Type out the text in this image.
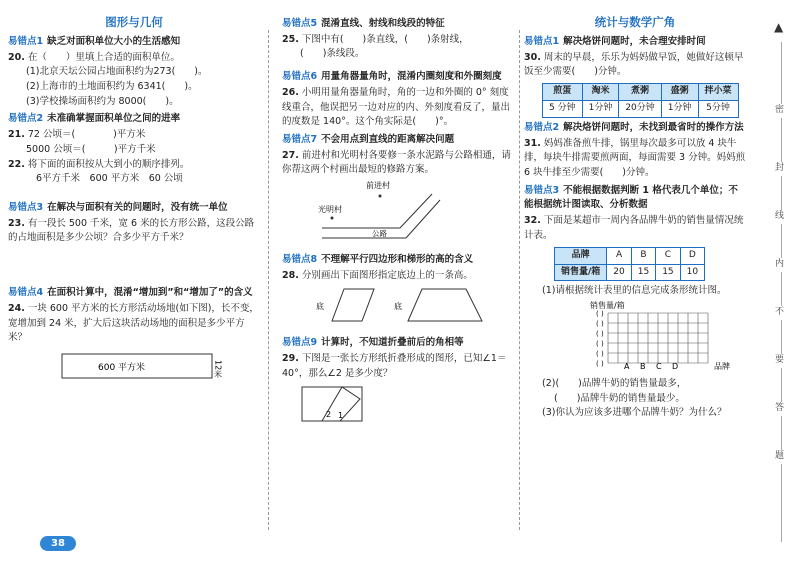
图形与几何
易错点1 缺乏对面积单位大小的生活感知

20. 在（　　）里填上合适的面积单位。

(1)北京天坛公园占地面积约为273(　　)。

(2)上海市的土地面积约为 6341(　　)。

(3)学校操场面积约为 8000(　　)。

易错点2 未准确掌握面积单位之间的进率

21. 72 公顷＝(　　　　)平方米

5000 公顷＝(　　　)平方千米

22. 将下面的面积按从大到小的顺序排列。

6平方千米　600 平方米　60 公顷

易错点3 在解决与面积有关的问题时，没有统一单位

23. 有一段长 500 千米，宽 6 米的长方形公路，这段公路的占地面积是多少公顷？合多少平方千米？

易错点4 在面积计算中，混淆“增加到”和“增加了”的含义

24. 一块 600 平方米的长方形活动场地(如下图)，长不变，宽增加到 24 米，扩大后这块活动场地的面积是多少平方米？

600 平方米	12米
易错点5 混淆直线、射线和线段的特征

25. 下图中有(　　)条直线，(　　)条射线，

(　　)条线段。

易错点6 用量角器量角时，混淆内圈刻度和外圈刻度

26. 小明用量角器量角时，角的一边和外圈的 0° 刻度线重合，他误把另一边对应的内、外刻度看反了，量出的度数是 140°。这个角实际是(　　)°。

易错点7 不会用点到直线的距离解决问题

27. 前进村和光明村各要修一条水泥路与公路相通，请你帮这两个村画出最短的修路方案。

前进村
光明村
公路
易错点8 不理解平行四边形和梯形的高的含义

28. 分别画出下面图形指定底边上的一条高。

底	底
易错点9 计算时，不知道折叠前后的角相等

29. 下图是一张长方形纸折叠形成的图形，已知∠1＝40°，那么∠2 是多少度？

2 1
统计与数学广角
易错点1 解决烙饼问题时，未合理安排时间

30. 周末的早晨，乐乐为妈妈做早饭，她做好这顿早饭至少需要(　　)分钟。

煎蛋	淘米	煮粥	盛粥	拌小菜
5 分钟	1分钟	20分钟	1分钟	5分钟
易错点2 解决烙饼问题时，未找到最省时的操作方法

31. 妈妈准备煎牛排，锅里每次最多可以放 4 块牛排，每块牛排需要煎两面，每面需要 3 分钟。妈妈煎 6 块牛排至少需要(　　)分钟。

易错点3 不能根据数据判断 1 格代表几个单位；不能根据统计图读取、分析数据

32. 下面是某超市一周内各品牌牛奶的销售量情况统计表。

品牌	A	B	C	D
销售量/箱	20	15	15	10

(1)请根据统计表里的信息完成条形统计图。

销售量/箱
( )
( )
( )
( )
( )
( )	品牌
A B C D

(2)(　　)品牌牛奶的销售量最多，

(　　)品牌牛奶的销售量最少。

(3)你认为应该多进哪个品牌牛奶？为什么？

▲
密
封
线
内
不
要
答
题
38
